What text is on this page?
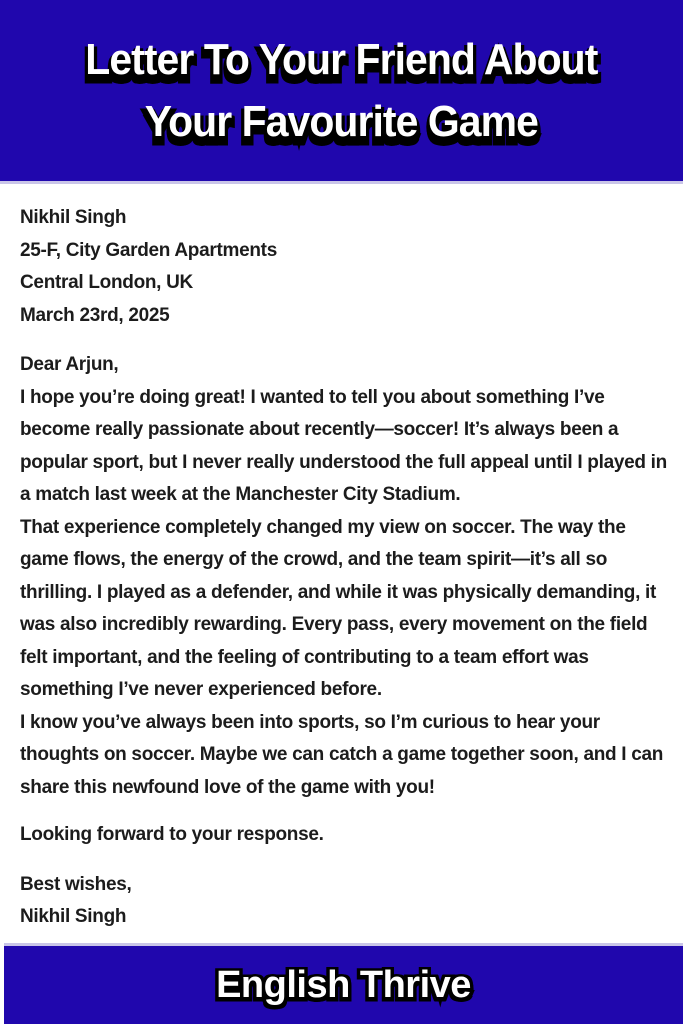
Letter To Your Friend About Letter To Your Friend About
Your Favourite Game Your Favourite Game
Nikhil Singh
25-F, City Garden Apartments
Central London, UK
March 23rd, 2025
Dear Arjun,
I hope you’re doing great! I wanted to tell you about something I’ve become really passionate about recently—soccer! It’s always been a popular sport, but I never really understood the full appeal until I played in a match last week at the Manchester City Stadium.
That experience completely changed my view on soccer. The way the game flows, the energy of the crowd, and the team spirit—it’s all so thrilling. I played as a defender, and while it was physically demanding, it was also incredibly rewarding. Every pass, every movement on the field felt important, and the feeling of contributing to a team effort was something I’ve never experienced before.
I know you’ve always been into sports, so I’m curious to hear your thoughts on soccer. Maybe we can catch a game together soon, and I can share this newfound love of the game with you!
Looking forward to your response.
Best wishes,
Nikhil Singh
English Thrive English Thrive
